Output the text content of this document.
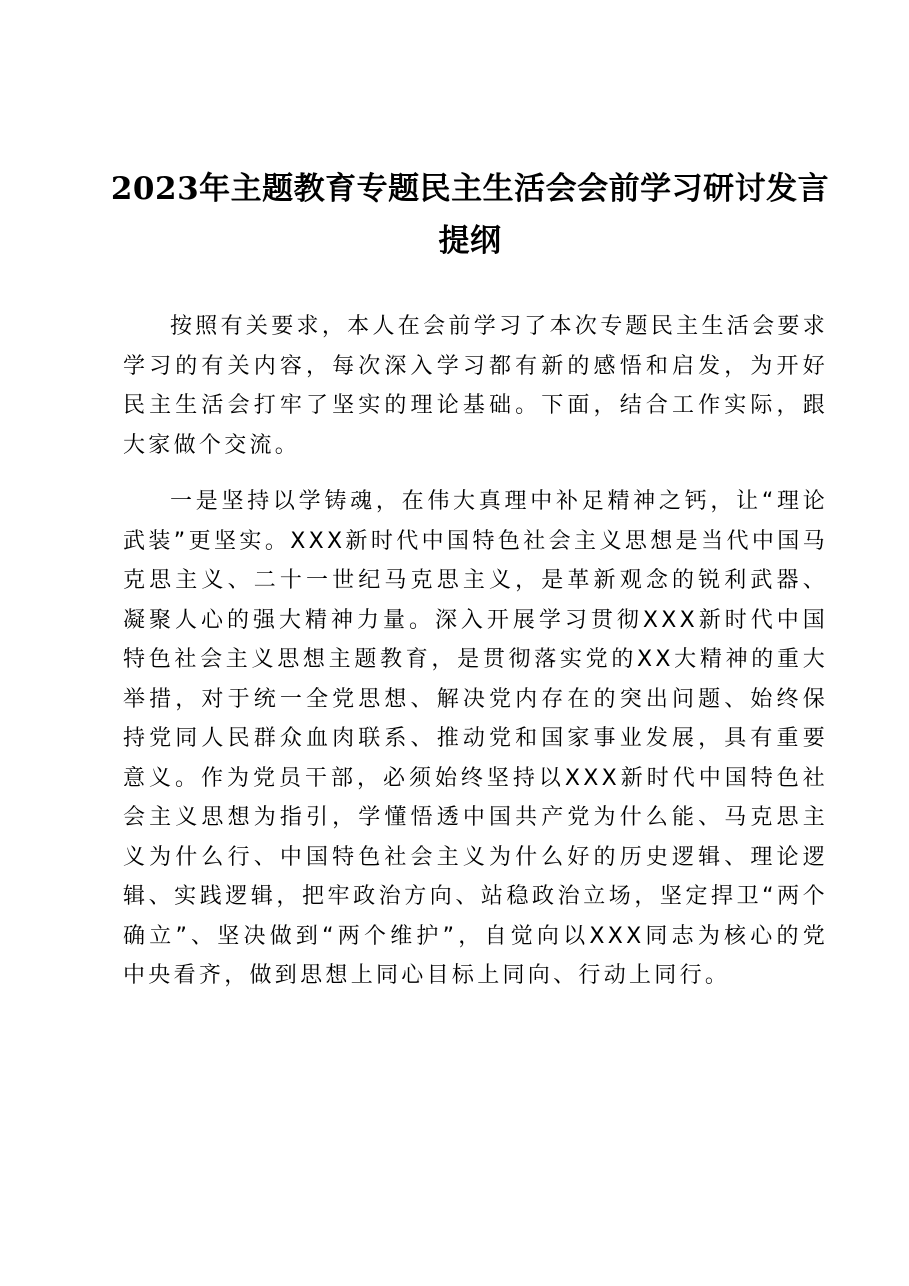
2023年主题教育专题民主生活会会前学习研讨发言提纲

按照有关要求，本人在会前学习了本次专题民主生活会要求学习的有关内容，每次深入学习都有新的感悟和启发，为开好民主生活会打牢了坚实的理论基础。下面，结合工作实际，跟大家做个交流。

一是坚持以学铸魂，在伟大真理中补足精神之钙，让“理论武装”更坚实。XXX新时代中国特色社会主义思想是当代中国马克思主义、二十一世纪马克思主义，是革新观念的锐利武器、凝聚人心的强大精神力量。深入开展学习贯彻XXX新时代中国特色社会主义思想主题教育，是贯彻落实党的XX大精神的重大举措，对于统一全党思想、解决党内存在的突出问题、始终保持党同人民群众血肉联系、推动党和国家事业发展，具有重要意义。作为党员干部，必须始终坚持以XXX新时代中国特色社会主义思想为指引，学懂悟透中国共产党为什么能、马克思主义为什么行、中国特色社会主义为什么好的历史逻辑、理论逻辑、实践逻辑，把牢政治方向、站稳政治立场，坚定捍卫“两个确立”、坚决做到“两个维护”，自觉向以XXX同志为核心的党中央看齐，做到思想上同心目标上同向、行动上同行。
